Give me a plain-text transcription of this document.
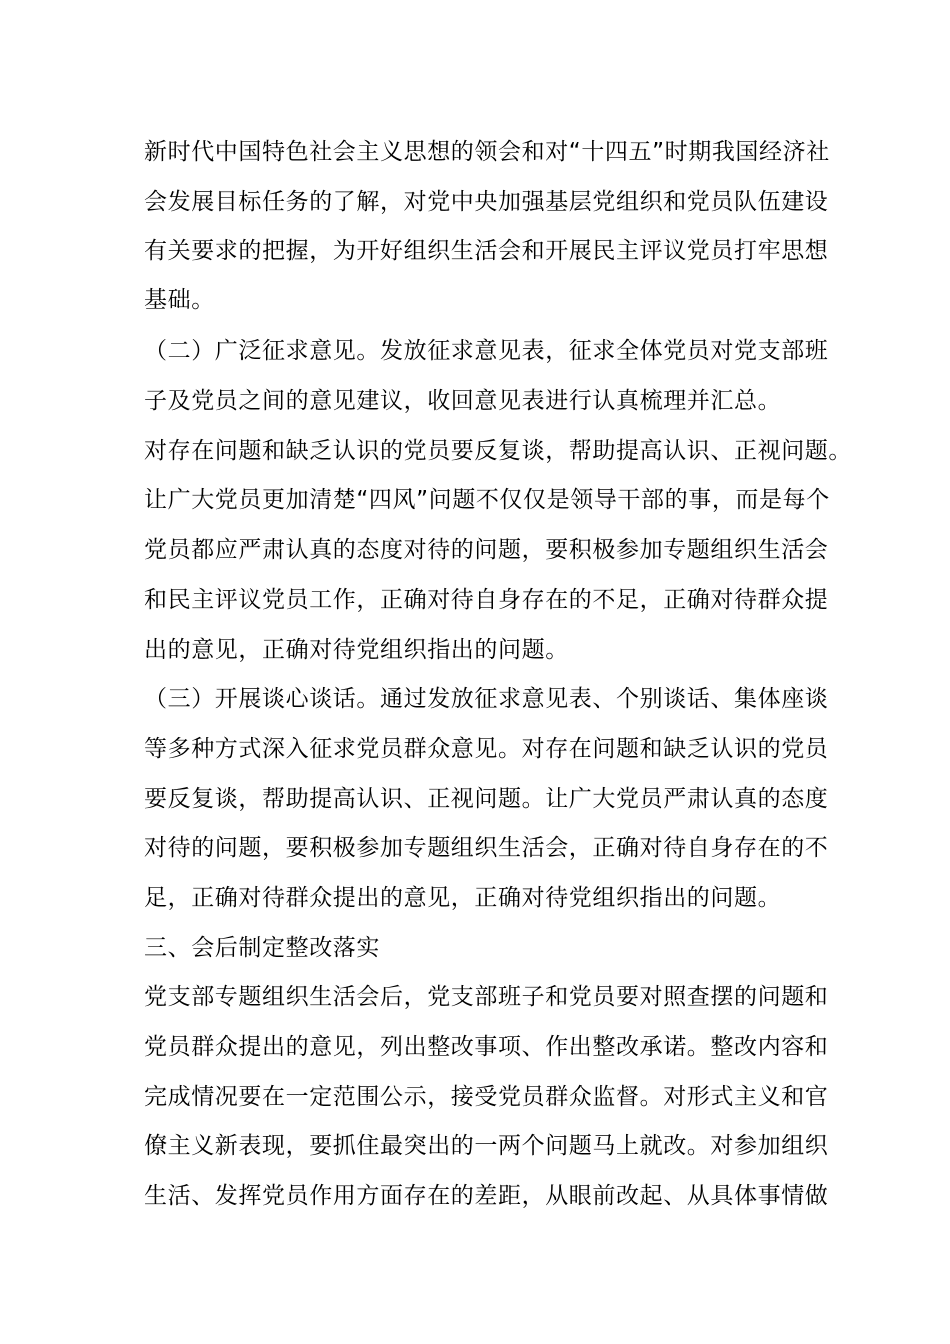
新时代中国特色社会主义思想的领会和对“十四五”时期我国经济社

会发展目标任务的了解，对党中央加强基层党组织和党员队伍建设

有关要求的把握，为开好组织生活会和开展民主评议党员打牢思想

基础。

（二）广泛征求意见。发放征求意见表，征求全体党员对党支部班

子及党员之间的意见建议，收回意见表进行认真梳理并汇总。

对存在问题和缺乏认识的党员要反复谈，帮助提高认识、正视问题。

让广大党员更加清楚“四风”问题不仅仅是领导干部的事，而是每个

党员都应严肃认真的态度对待的问题，要积极参加专题组织生活会

和民主评议党员工作，正确对待自身存在的不足，正确对待群众提

出的意见，正确对待党组织指出的问题。

（三）开展谈心谈话。通过发放征求意见表、个别谈话、集体座谈

等多种方式深入征求党员群众意见。对存在问题和缺乏认识的党员

要反复谈，帮助提高认识、正视问题。让广大党员严肃认真的态度

对待的问题，要积极参加专题组织生活会，正确对待自身存在的不

足，正确对待群众提出的意见，正确对待党组织指出的问题。

三、会后制定整改落实

党支部专题组织生活会后，党支部班子和党员要对照查摆的问题和

党员群众提出的意见，列出整改事项、作出整改承诺。整改内容和

完成情况要在一定范围公示，接受党员群众监督。对形式主义和官

僚主义新表现，要抓住最突出的一两个问题马上就改。对参加组织

生活、发挥党员作用方面存在的差距，从眼前改起、从具体事情做
